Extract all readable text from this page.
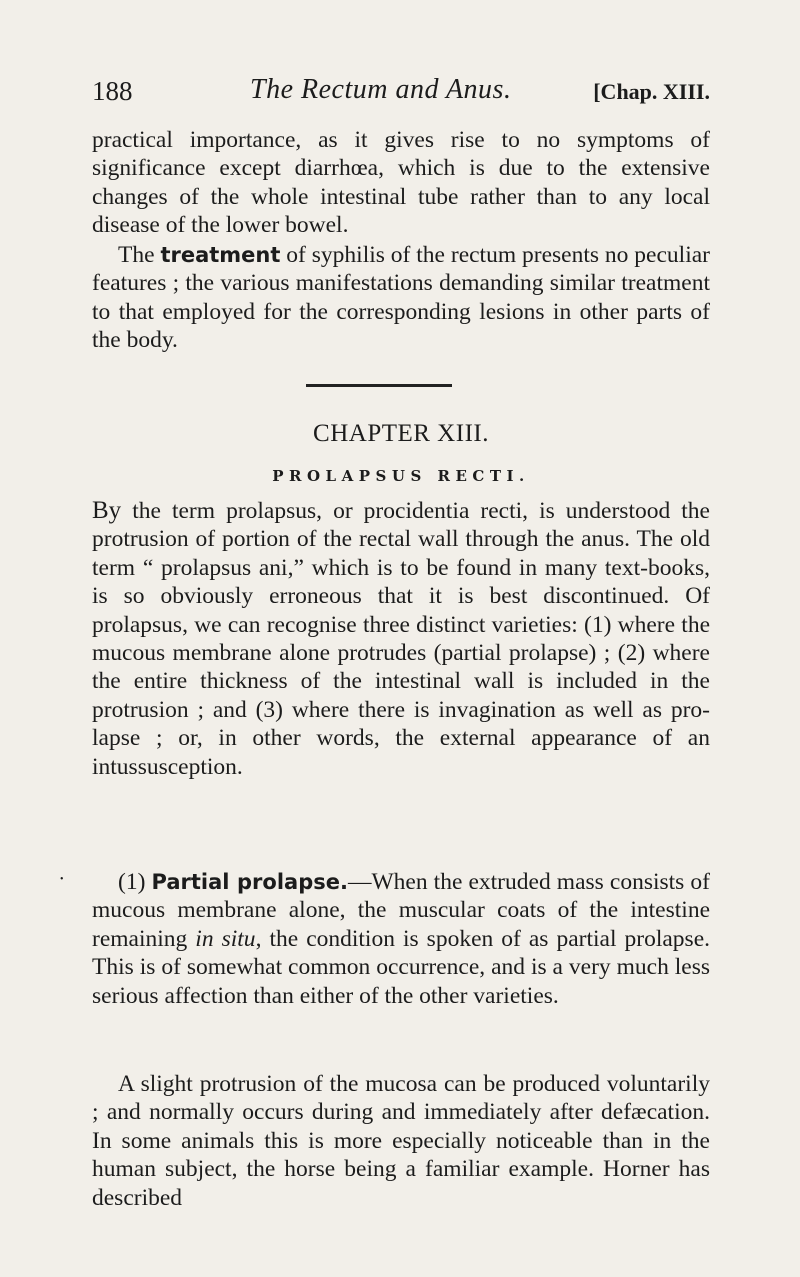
188	The Rectum and Anus.	[Chap. XIII.

practical importance, as it gives rise to no symptoms of significance except diarrhœa, which is due to the extensive changes of the whole intestinal tube rather than to any local disease of the lower bowel.

The treatment of syphilis of the rectum presents no peculiar features ; the various manifestations demanding similar treatment to that employed for the corresponding lesions in other parts of the body.

CHAPTER XIII.

PROLAPSUS RECTI.

By the term prolapsus, or procidentia recti, is understood the protrusion of portion of the rectal wall through the anus. The old term “ prolapsus ani,” which is to be found in many text-books, is so obviously erroneous that it is best discontinued. Of prolapsus, we can recognise three distinct varieties: (1) where the mucous membrane alone protrudes (partial prolapse) ; (2) where the entire thickness of the intestinal wall is included in the protrusion ; and (3) where there is invagination as well as prolapse ; or, in other words, the external appearance of an intussusception.

(1) Partial prolapse.—When the extruded mass consists of mucous membrane alone, the muscular coats of the intestine remaining in situ, the condition is spoken of as partial prolapse. This is of somewhat common occurrence, and is a very much less serious affection than either of the other varieties.

A slight protrusion of the mucosa can be produced voluntarily ; and normally occurs during and immediately after defæcation. In some animals this is more especially noticeable than in the human subject, the horse being a familiar example. Horner has described

•
